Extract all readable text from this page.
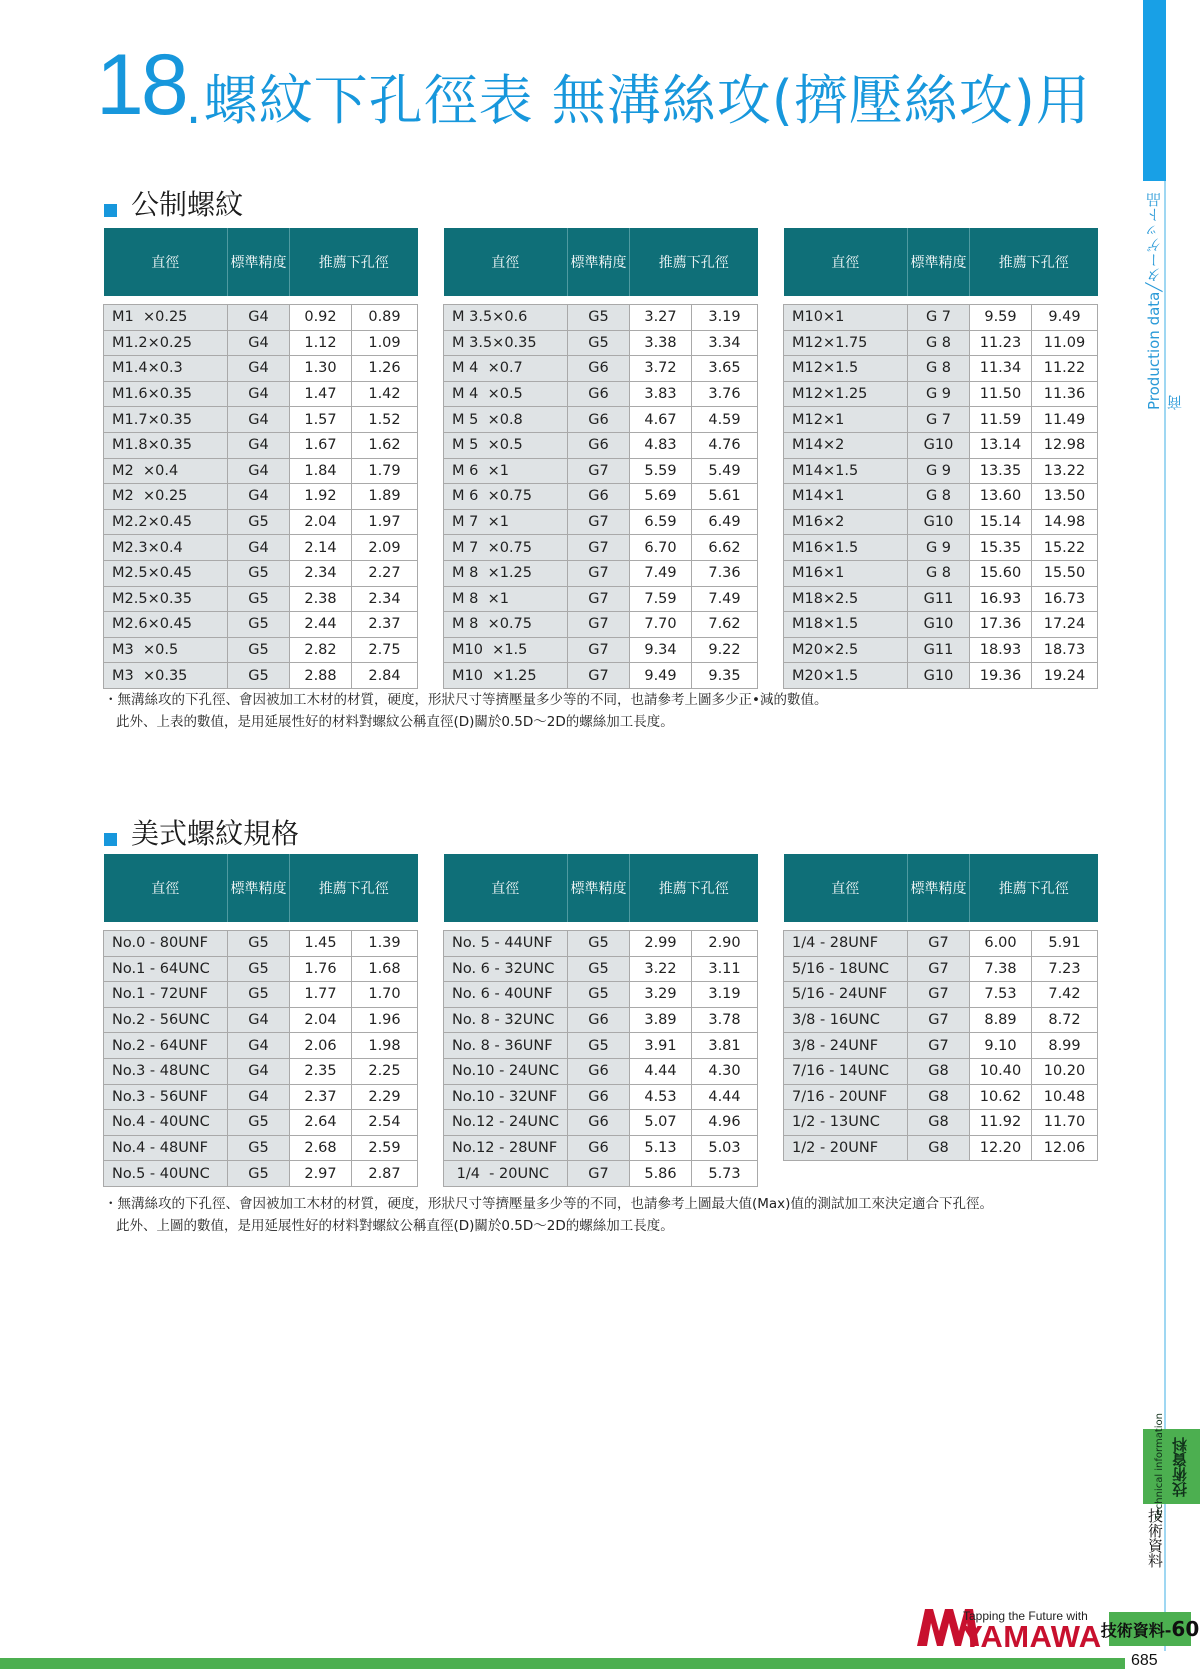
18.螺紋下孔徑表 無溝絲攻(擠壓絲攻)用
Production data╱ターゲット品商
Technical information 技術資料
技術資料
公制螺紋
直徑	標準精度	推薦下孔徑	

M1  ×0.25	G4	0.92	0.89
M1.2×0.25	G4	1.12	1.09
M1.4×0.3	G4	1.30	1.26
M1.6×0.35	G4	1.47	1.42
M1.7×0.35	G4	1.57	1.52
M1.8×0.35	G4	1.67	1.62
M2  ×0.4	G4	1.84	1.79
M2  ×0.25	G4	1.92	1.89
M2.2×0.45	G5	2.04	1.97
M2.3×0.4	G4	2.14	2.09
M2.5×0.45	G5	2.34	2.27
M2.5×0.35	G5	2.38	2.34
M2.6×0.45	G5	2.44	2.37
M3  ×0.5	G5	2.82	2.75
M3  ×0.35	G5	2.88	2.84
直徑	標準精度	推薦下孔徑	

M 3.5×0.6	G5	3.27	3.19
M 3.5×0.35	G5	3.38	3.34
M 4  ×0.7	G6	3.72	3.65
M 4  ×0.5	G6	3.83	3.76
M 5  ×0.8	G6	4.67	4.59
M 5  ×0.5	G6	4.83	4.76
M 6  ×1	G7	5.59	5.49
M 6  ×0.75	G6	5.69	5.61
M 7  ×1	G7	6.59	6.49
M 7  ×0.75	G7	6.70	6.62
M 8  ×1.25	G7	7.49	7.36
M 8  ×1	G7	7.59	7.49
M 8  ×0.75	G7	7.70	7.62
M10  ×1.5	G7	9.34	9.22
M10  ×1.25	G7	9.49	9.35
直徑	標準精度	推薦下孔徑	

M10×1	G 7	9.59	9.49
M12×1.75	G 8	11.23	11.09
M12×1.5	G 8	11.34	11.22
M12×1.25	G 9	11.50	11.36
M12×1	G 7	11.59	11.49
M14×2	G10	13.14	12.98
M14×1.5	G 9	13.35	13.22
M14×1	G 8	13.60	13.50
M16×2	G10	15.14	14.98
M16×1.5	G 9	15.35	15.22
M16×1	G 8	15.60	15.50
M18×2.5	G11	16.93	16.73
M18×1.5	G10	17.36	17.24
M20×2.5	G11	18.93	18.73
M20×1.5	G10	19.36	19.24
・無溝絲攻的下孔徑、會因被加工木材的材質，硬度，形狀尺寸等擠壓量多少等的不同，也請參考上圖多少正•減的數值。
此外、上表的數值，是用延展性好的材料對螺紋公稱直徑(D)關於0.5D～2D的螺絲加工長度。
美式螺紋規格
直徑	標準精度	推薦下孔徑	

No.0 - 80UNF	G5	1.45	1.39
No.1 - 64UNC	G5	1.76	1.68
No.1 - 72UNF	G5	1.77	1.70
No.2 - 56UNC	G4	2.04	1.96
No.2 - 64UNF	G4	2.06	1.98
No.3 - 48UNC	G4	2.35	2.25
No.3 - 56UNF	G4	2.37	2.29
No.4 - 40UNC	G5	2.64	2.54
No.4 - 48UNF	G5	2.68	2.59
No.5 - 40UNC	G5	2.97	2.87
直徑	標準精度	推薦下孔徑	

No. 5 - 44UNF	G5	2.99	2.90
No. 6 - 32UNC	G5	3.22	3.11
No. 6 - 40UNF	G5	3.29	3.19
No. 8 - 32UNC	G6	3.89	3.78
No. 8 - 36UNF	G5	3.91	3.81
No.10 - 24UNC	G6	4.44	4.30
No.10 - 32UNF	G6	4.53	4.44
No.12 - 24UNC	G6	5.07	4.96
No.12 - 28UNF	G6	5.13	5.03
1/4  - 20UNC	G7	5.86	5.73
直徑	標準精度	推薦下孔徑	

1/4 - 28UNF	G7	6.00	5.91
5/16 - 18UNC	G7	7.38	7.23
5/16 - 24UNF	G7	7.53	7.42
3/8 - 16UNC	G7	8.89	8.72
3/8 - 24UNF	G7	9.10	8.99
7/16 - 14UNC	G8	10.40	10.20
7/16 - 20UNF	G8	10.62	10.48
1/2 - 13UNC	G8	11.92	11.70
1/2 - 20UNF	G8	12.20	12.06
・無溝絲攻的下孔徑、會因被加工木材的材質，硬度，形狀尺寸等擠壓量多少等的不同，也請參考上圖最大值(Max)值的測試加工來決定適合下孔徑。
此外、上圖的數值，是用延展性好的材料對螺紋公稱直徑(D)關於0.5D～2D的螺絲加工長度。
Tapping the Future with
YAMAWA 技術資料- 60
685
